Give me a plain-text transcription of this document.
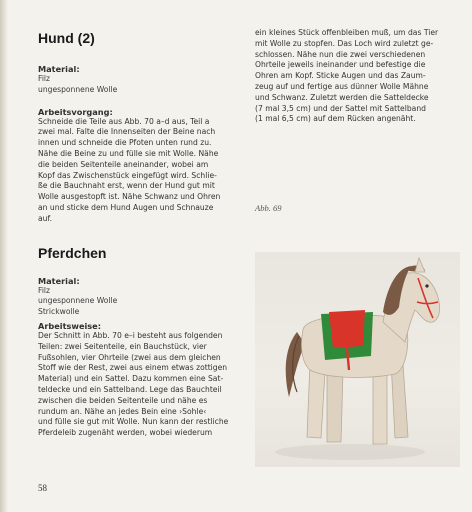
Hund (2)
Material:
Filz
ungesponnene Wolle
Arbeitsvorgang:
Schneide die Teile aus Abb. 70 a–d aus, Teil a
zwei mal. Falte die Innenseiten der Beine nach
innen und schneide die Pfoten unten rund zu.
Nähe die Beine zu und fülle sie mit Wolle. Nähe
die beiden Seitenteile aneinander, wobei am
Kopf das Zwischenstück eingefügt wird. Schlie-
ße die Bauchnaht erst, wenn der Hund gut mit
Wolle ausgestopft ist. Nähe Schwanz und Ohren
an und sticke dem Hund Augen und Schnauze
auf.
Pferdchen
Material:
Filz
ungesponnene Wolle
Strickwolle
Arbeitsweise:
Der Schnitt in Abb. 70 e–i besteht aus folgenden
Teilen: zwei Seitenteile, ein Bauchstück, vier
Fußsohlen, vier Ohrteile (zwei aus dem gleichen
Stoff wie der Rest, zwei aus einem etwas zottigen
Material) und ein Sattel. Dazu kommen eine Sat-
teldecke und ein Sattelband. Lege das Bauchteil
zwischen die beiden Seitenteile und nähe es
rundum an. Nähe an jedes Bein eine ›Sohle‹
und fülle sie gut mit Wolle. Nun kann der restliche
Pferdeleib zugenäht werden, wobei wiederum
ein kleines Stück offenbleiben muß, um das Tier
mit Wolle zu stopfen. Das Loch wird zuletzt ge-
schlossen. Nähe nun die zwei verschiedenen
Ohrteile jeweils ineinander und befestige die
Ohren am Kopf. Sticke Augen und das Zaum-
zeug auf und fertige aus dünner Wolle Mähne
und Schwanz. Zuletzt werden die Satteldecke
(7 mal 3,5 cm) und der Sattel mit Sattelband
(1 mal 6,5 cm) auf dem Rücken angenäht.
Abb. 69
58
